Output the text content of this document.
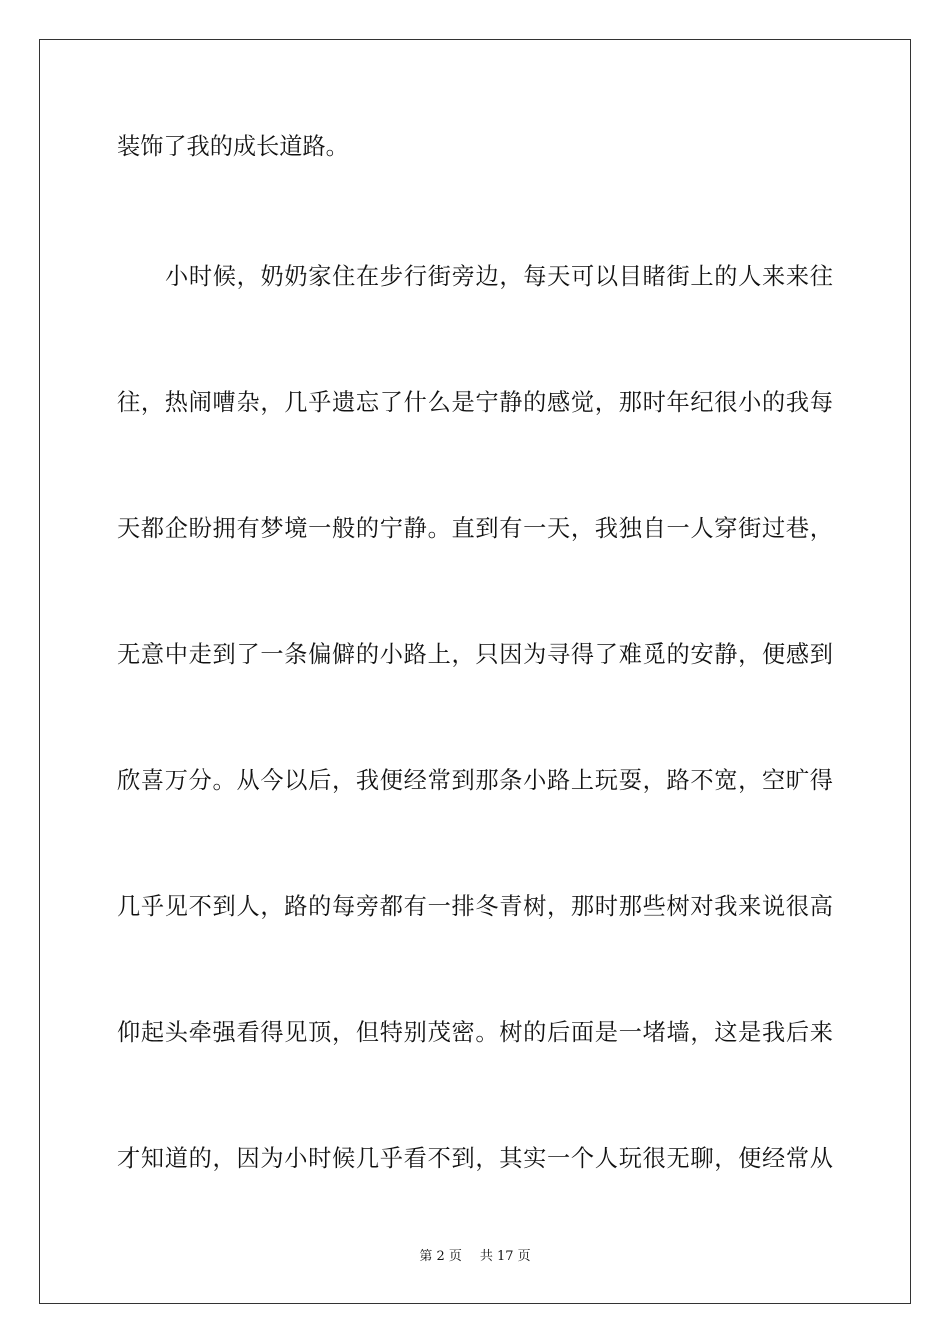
装饰了我的成长道路。
小时候，奶奶家住在步行街旁边，每天可以目睹街上的人来来往
往，热闹嘈杂，几乎遗忘了什么是宁静的感觉，那时年纪很小的我每
天都企盼拥有梦境一般的宁静。直到有一天，我独自一人穿街过巷，
无意中走到了一条偏僻的小路上，只因为寻得了难觅的安静，便感到
欣喜万分。从今以后，我便经常到那条小路上玩耍，路不宽，空旷得
几乎见不到人，路的每旁都有一排冬青树，那时那些树对我来说很高
仰起头牵强看得见顶，但特别茂密。树的后面是一堵墙，这是我后来
才知道的，因为小时候几乎看不到，其实一个人玩很无聊，便经常从
第 2 页 共 17 页
